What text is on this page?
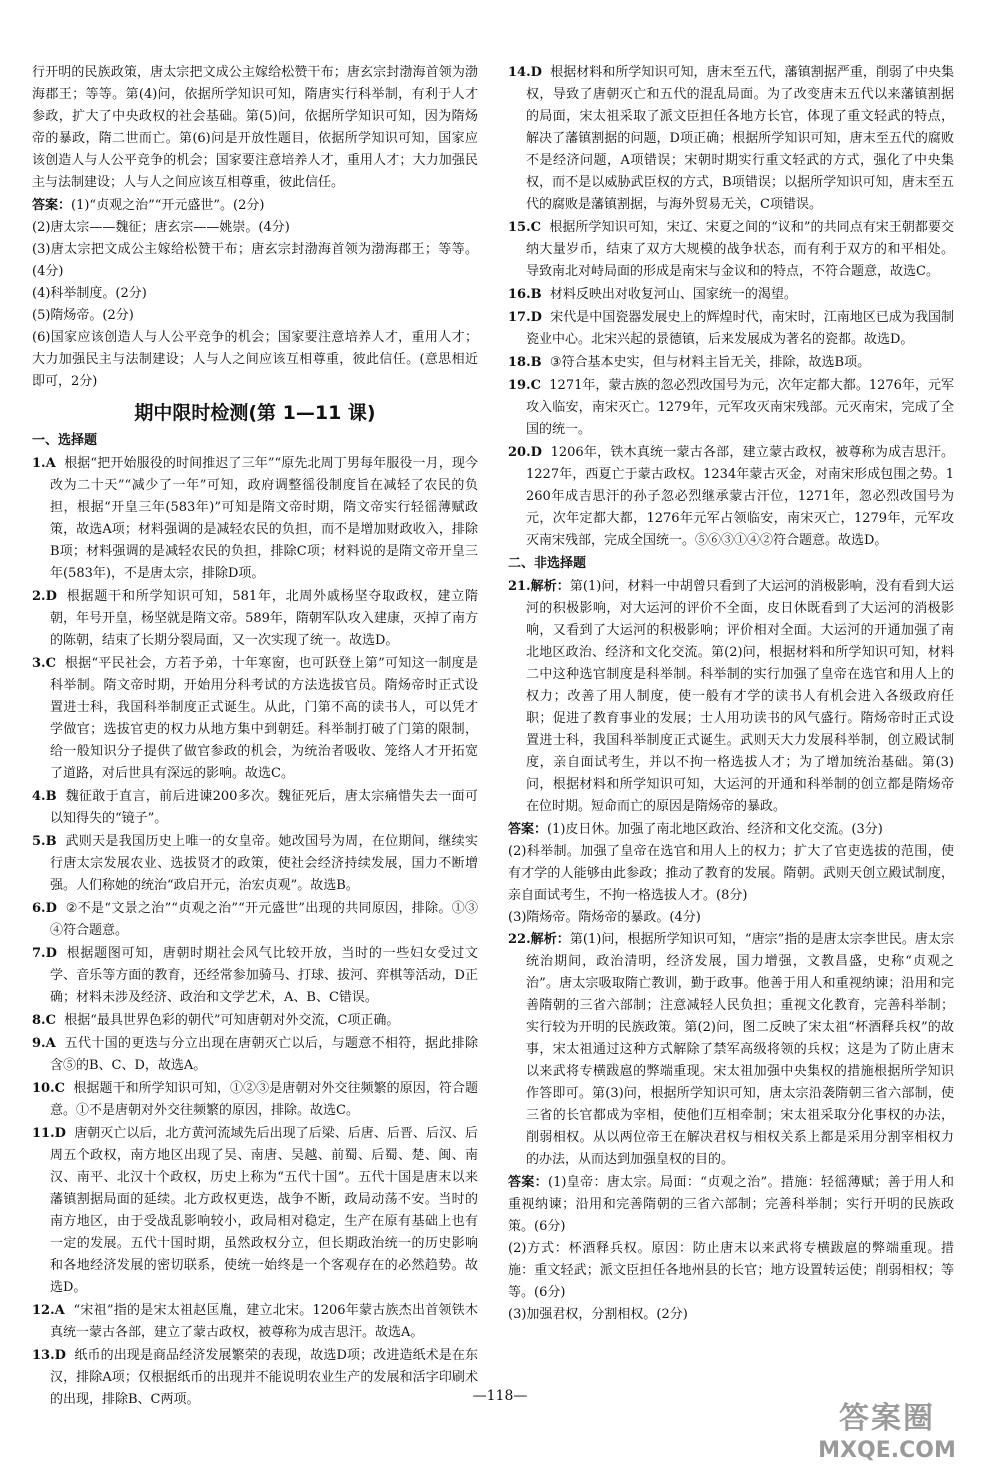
行开明的民族政策，唐太宗把文成公主嫁给松赞干布；唐玄宗封渤海首领为渤海郡王；等等。第(4)问，依据所学知识可知，隋唐实行科举制，有利于人才参政，扩大了中央政权的社会基础。第(5)问，依据所学知识可知，因为隋炀帝的暴政，隋二世而亡。第(6)问是开放性题目，依据所学知识可知，国家应该创造人与人公平竞争的机会；国家要注意培养人才，重用人才；大力加强民主与法制建设；人与人之间应该互相尊重，彼此信任。

答案：(1)“贞观之治”“开元盛世”。(2分)

(2)唐太宗——魏征；唐玄宗——姚崇。(4分)

(3)唐太宗把文成公主嫁给松赞干布；唐玄宗封渤海首领为渤海郡王；等等。(4分)

(4)科举制度。(2分)

(5)隋炀帝。(2分)

(6)国家应该创造人与人公平竞争的机会；国家要注意培养人才，重用人才；大力加强民主与法制建设；人与人之间应该互相尊重，彼此信任。(意思相近即可，2分)

期中限时检测(第 1—11 课)
一、选择题

1.A 根据“把开始服役的时间推迟了三年”“原先北周丁男每年服役一月，现今改为二十天”“减少了一年”可知，政府调整徭役制度旨在减轻了农民的负担，根据“开皇三年(583年)”可知是隋文帝时期，隋文帝实行轻徭薄赋政策，故选A项；材料强调的是减轻农民的负担，而不是增加财政收入，排除B项；材料强调的是减轻农民的负担，排除C项；材料说的是隋文帝开皇三年(583年)，不是唐太宗，排除D项。

2.D 根据题干和所学知识可知，581年，北周外戚杨坚夺取政权，建立隋朝，年号开皇，杨坚就是隋文帝。589年，隋朝军队攻入建康，灭掉了南方的陈朝，结束了长期分裂局面，又一次实现了统一。故选D。

3.C 根据“平民社会，方若予弟，十年寒窗，也可跃登上第”可知这一制度是科举制。隋文帝时期，开始用分科考试的方法选拔官员。隋炀帝时正式设置进士科，我国科举制度正式诞生。从此，门第不高的读书人，可以凭才学做官；选拔官吏的权力从地方集中到朝廷。科举制打破了门第的限制，给一般知识分子提供了做官参政的机会，为统治者吸收、笼络人才开拓宽了道路，对后世具有深远的影响。故选C。

4.B 魏征敢于直言，前后进谏200多次。魏征死后，唐太宗痛惜失去一面可以知得失的“镜子”。

5.B 武则天是我国历史上唯一的女皇帝。她改国号为周，在位期间，继续实行唐太宗发展农业、选拔贤才的政策，使社会经济持续发展，国力不断增强。人们称她的统治“政启开元，治宏贞观”。故选B。

6.D ②不是“文景之治”“贞观之治”“开元盛世”出现的共同原因，排除。①③④符合题意。

7.D 根据题图可知，唐朝时期社会风气比较开放，当时的一些妇女受过文学、音乐等方面的教育，还经常参加骑马、打球、拔河、弈棋等活动，D正确；材料未涉及经济、政治和文学艺术，A、B、C错误。

8.C 根据“最具世界色彩的朝代”可知唐朝对外交流，C项正确。

9.A 五代十国的更迭与分立出现在唐朝灭亡以后，与题意不相符，据此排除含⑤的B、C、D，故选A。

10.C 根据题干和所学知识可知，①②③是唐朝对外交往频繁的原因，符合题意。①不是唐朝对外交往频繁的原因，排除。故选C。

11.D 唐朝灭亡以后，北方黄河流域先后出现了后梁、后唐、后晋、后汉、后周五个政权，南方地区出现了吴、南唐、吴越、前蜀、后蜀、楚、闽、南汉、南平、北汉十个政权，历史上称为“五代十国”。五代十国是唐末以来藩镇割据局面的延续。北方政权更迭，战争不断，政局动荡不安。当时的南方地区，由于受战乱影响较小，政局相对稳定，生产在原有基础上也有一定的发展。五代十国时期，虽然政权分立，但长期政治统一的历史影响和各地经济发展的密切联系，使统一始终是一个客观存在的必然趋势。故选D。

12.A “宋祖”指的是宋太祖赵匡胤，建立北宋。1206年蒙古族杰出首领铁木真统一蒙古各部，建立了蒙古政权，被尊称为成吉思汗。故选A。

13.D 纸币的出现是商品经济发展繁荣的表现，故选D项；改进造纸术是在东汉，排除A项；仅根据纸币的出现并不能说明农业生产的发展和活字印刷术的出现，排除B、C两项。

14.D 根据材料和所学知识可知，唐末至五代，藩镇割据严重，削弱了中央集权，导致了唐朝灭亡和五代的混乱局面。为了改变唐末五代以来藩镇割据的局面，宋太祖采取了派文臣担任各地方长官，体现了重文轻武的特点，解决了藩镇割据的问题，D项正确；根据所学知识可知，唐末至五代的腐败不是经济问题，A项错误；宋朝时期实行重文轻武的方式，强化了中央集权，而不是以威胁武臣权的方式，B项错误；以据所学知识可知，唐末至五代的腐败是藩镇割据，与海外贸易无关，C项错误。

15.C 根据所学知识可知，宋辽、宋夏之间的“议和”的共同点有宋王朝都要交纳大量岁币，结束了双方大规模的战争状态，而有利于双方的和平相处。导致南北对峙局面的形成是南宋与金议和的特点，不符合题意，故选C。

16.B 材料反映出对收复河山、国家统一的渴望。

17.D 宋代是中国瓷器发展史上的辉煌时代，南宋时，江南地区已成为我国制瓷业中心。北宋兴起的景德镇，后来发展成为著名的瓷都。故选D。

18.B ③符合基本史实，但与材料主旨无关，排除，故选B项。

19.C 1271年，蒙古族的忽必烈改国号为元，次年定都大都。1276年，元军攻入临安，南宋灭亡。1279年，元军攻灭南宋残部。元灭南宋，完成了全国的统一。

20.D 1206年，铁木真统一蒙古各部，建立蒙古政权，被尊称为成吉思汗。1227年，西夏亡于蒙古政权。1234年蒙古灭金，对南宋形成包围之势。1260年成吉思汗的孙子忽必烈继承蒙古汗位，1271年，忽必烈改国号为元，次年定都大都，1276年元军占领临安，南宋灭亡，1279年，元军攻灭南宋残部，完成全国统一。⑤⑥③①④②符合题意。故选D。

二、非选择题

21.解析：第(1)问，材料一中胡曾只看到了大运河的消极影响，没有看到大运河的积极影响，对大运河的评价不全面，皮日休既看到了大运河的消极影响，又看到了大运河的积极影响；评价相对全面。大运河的开通加强了南北地区政治、经济和文化交流。第(2)问，根据材料和所学知识可知，材料二中这种选官制度是科举制。科举制的实行加强了皇帝在选官和用人上的权力；改善了用人制度，使一般有才学的读书人有机会进入各级政府任职；促进了教育事业的发展；士人用功读书的风气盛行。隋炀帝时正式设置进士科，我国科举制度正式诞生。武则天大力发展科举制，创立殿试制度，亲自面试考生，并以不拘一格选拔人才；为了增加统治基础。第(3)问，根据材料和所学知识可知，大运河的开通和科举制的创立都是隋炀帝在位时期。短命而亡的原因是隋炀帝的暴政。

答案：(1)皮日休。加强了南北地区政治、经济和文化交流。(3分)

(2)科举制。加强了皇帝在选官和用人上的权力；扩大了官吏选拔的范围，使有才学的人能够由此参政；推动了教育的发展。隋朝。武则天创立殿试制度，亲自面试考生，不拘一格选拔人才。(8分)

(3)隋炀帝。隋炀帝的暴政。(4分)

22.解析：第(1)问，根据所学知识可知，“唐宗”指的是唐太宗李世民。唐太宗统治期间，政治清明，经济发展，国力增强，文教昌盛，史称“贞观之治”。唐太宗吸取隋亡教训，勤于政事。他善于用人和重视纳谏；沿用和完善隋朝的三省六部制；注意减轻人民负担；重视文化教育，完善科举制；实行较为开明的民族政策。第(2)问，图二反映了宋太祖“杯酒释兵权”的故事，宋太祖通过这种方式解除了禁军高级将领的兵权；这是为了防止唐末以来武将专横跋扈的弊端重现。宋太祖加强中央集权的措施根据所学知识作答即可。第(3)问，根据所学知识可知，唐太宗沿袭隋朝三省六部制，使三省的长官都成为宰相，使他们互相牵制；宋太祖采取分化事权的办法，削弱相权。从以两位帝王在解决君权与相权关系上都是采用分割宰相权力的办法，从而达到加强皇权的目的。

答案：(1)皇帝：唐太宗。局面：“贞观之治”。措施：轻徭薄赋；善于用人和重视纳谏；沿用和完善隋朝的三省六部制；完善科举制；实行开明的民族政策。(6分)

(2)方式：杯酒释兵权。原因：防止唐末以来武将专横跋扈的弊端重现。措施：重文轻武；派文臣担任各地州县的长官；地方设置转运使；削弱相权；等等。(6分)

(3)加强君权，分割相权。(2分)

—118—
答案圈
MXQE.COM
